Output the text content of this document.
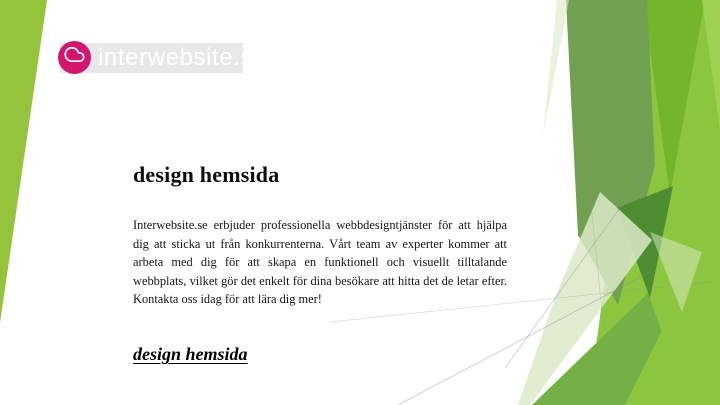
interwebsite.se
design hemsida

Interwebsite.se erbjuder professionella webbdesigntjänster för att hjälpa dig att sticka ut från konkurrenterna. Vårt team av experter kommer att arbeta med dig för att skapa en funktionell och visuellt tilltalande webbplats, vilket gör det enkelt för dina besökare att hitta det de letar efter. Kontakta oss idag för att lära dig mer!

design hemsida
